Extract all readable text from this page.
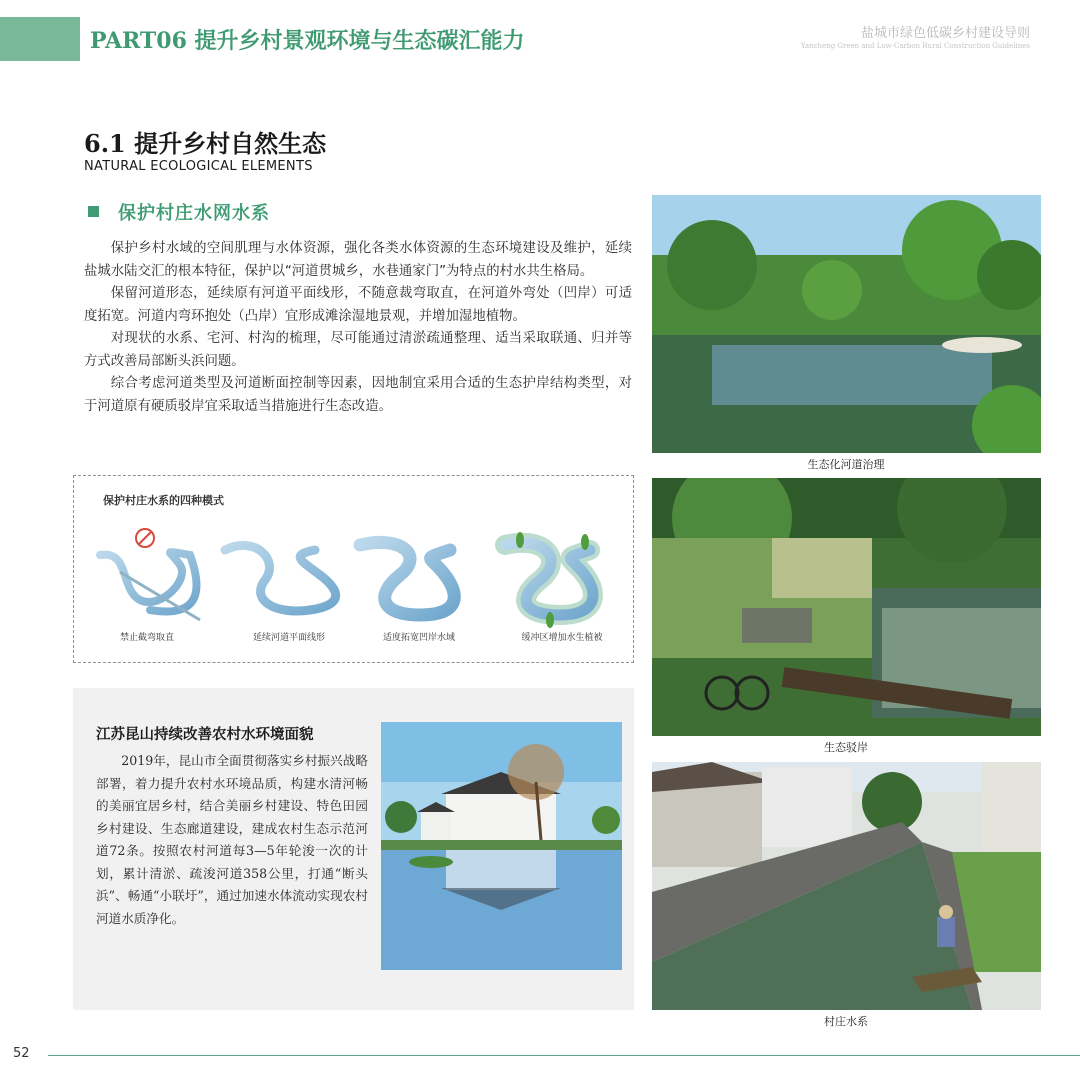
PART06 提升乡村景观环境与生态碳汇能力	盐城市绿色低碳乡村建设导则
Yancheng Green and Low-Carbon Rural Construction Guidelines
6.1 提升乡村自然生态
NATURAL ECOLOGICAL ELEMENTS
保护村庄水网水系

保护乡村水域的空间肌理与水体资源，强化各类水体资源的生态环境建设及维护，延续盐城水陆交汇的根本特征，保护以“河道贯城乡，水巷通家门”为特点的村水共生格局。

保留河道形态，延续原有河道平面线形，不随意裁弯取直，在河道外弯处（凹岸）可适度拓宽。河道内弯环抱处（凸岸）宜形成滩涂湿地景观，并增加湿地植物。

对现状的水系、宅河、村沟的梳理，尽可能通过清淤疏通整理、适当采取联通、归并等方式改善局部断头浜问题。

综合考虑河道类型及河道断面控制等因素，因地制宜采用合适的生态护岸结构类型，对于河道原有硬质驳岸宜采取适当措施进行生态改造。

保护村庄水系的四种模式
禁止截弯取直	延续河道平面线形	适度拓宽凹岸水域	缓冲区增加水生植被
江苏昆山持续改善农村水环境面貌
2019年，昆山市全面贯彻落实乡村振兴战略部署，着力提升农村水环境品质，构建水清河畅的美丽宜居乡村，结合美丽乡村建设、特色田园乡村建设、生态廊道建设，建成农村生态示范河道72条。按照农村河道每3—5年轮浚一次的计划，累计清淤、疏浚河道358公里，打通“断头浜”、畅通“小联圩”，通过加速水体流动实现农村河道水质净化。
生态化河道治理
生态驳岸
村庄水系
52
